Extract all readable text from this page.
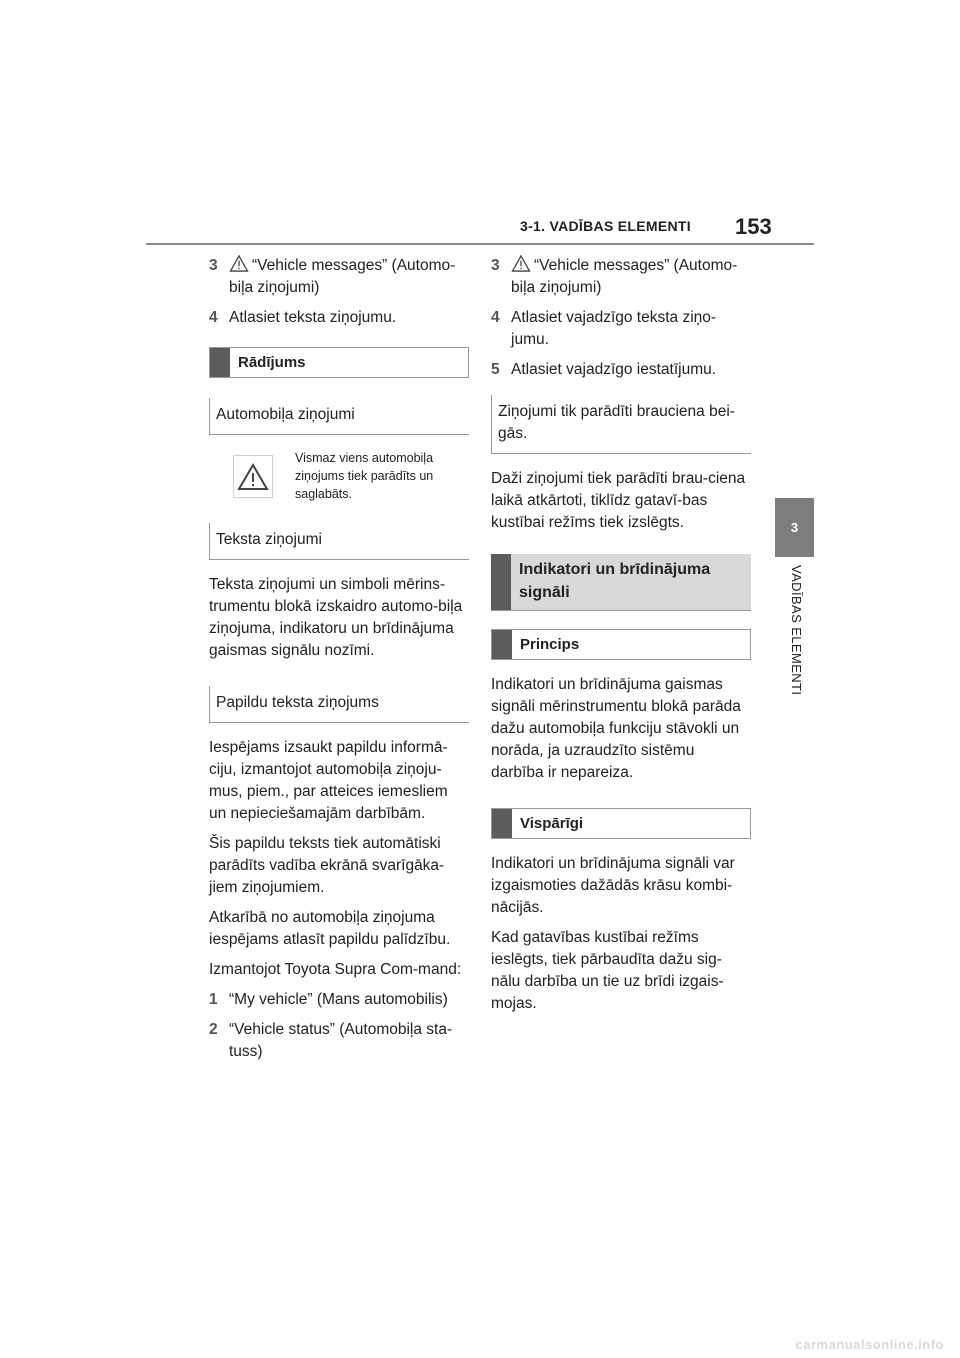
3-1. VADĪBAS ELEMENTI 153
3
VADĪBAS ELEMENTI
3	“Vehicle messages” (Automo-biļa ziņojumi)
4 Atlasiet teksta ziņojumu.
Rādījums
Automobiļa ziņojumi
Vismaz viens automobiļa ziņojums tiek parādīts un saglabāts.
Teksta ziņojumi

Teksta ziņojumi un simboli mērins-trumentu blokā izskaidro automo-biļa ziņojuma, indikatoru un brīdinājuma gaismas signālu nozīmi.

Papildu teksta ziņojums

Iespējams izsaukt papildu informā-ciju, izmantojot automobiļa ziņoju-mus, piem., par atteices iemesliem un nepieciešamajām darbībām.

Šis papildu teksts tiek automātiski parādīts vadība ekrānā svarīgāka-jiem ziņojumiem.

Atkarībā no automobiļa ziņojuma iespējams atlasīt papildu palīdzību.

Izmantojot Toyota Supra Com-mand:

1 “My vehicle” (Mans automobilis)
2 “Vehicle status” (Automobiļa sta-tuss)
3	“Vehicle messages” (Automo-biļa ziņojumi)
4 Atlasiet vajadzīgo teksta ziņo-jumu.
5 Atlasiet vajadzīgo iestatījumu.
Ziņojumi tik parādīti brauciena bei-gās.

Daži ziņojumi tiek parādīti brau-ciena laikā atkārtoti, tiklīdz gatavī-bas kustībai režīms tiek izslēgts.

Indikatori un brīdinājuma signāli
Princips

Indikatori un brīdinājuma gaismas signāli mērinstrumentu blokā parāda dažu automobiļa funkciju stāvokli un norāda, ja uzraudzīto sistēmu darbība ir nepareiza.

Vispārīgi

Indikatori un brīdinājuma signāli var izgaismoties dažādās krāsu kombi-nācijās.

Kad gatavības kustībai režīms ieslēgts, tiek pārbaudīta dažu sig-nālu darbība un tie uz brīdi izgais-mojas.

carmanualsonline.info
